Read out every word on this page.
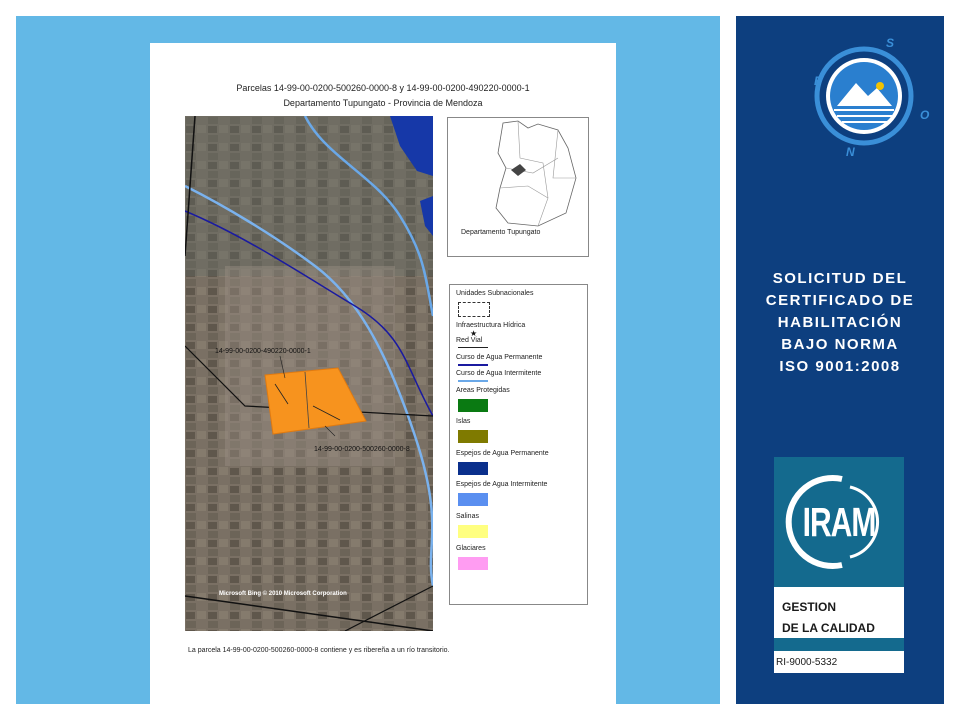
Parcelas 14-99-00-0200-500260-0000-8 y 14-99-00-0200-490220-0000-1
Departamento Tupungato - Provincia de Mendoza
14-99-00-0200-490220-0000-1
14-99-00-0200-500260-0000-8
Microsoft Bing © 2010 Microsoft Corporation
Departamento Tupungato
Unidades Subnacionales
Infraestructura Hídrica
★
Red Vial
Curso de Agua Permanente
Curso de Agua Intermitente
Areas Protegidas
Islas
Espejos de Agua Permanente
Espejos de Agua Intermitente
Salinas
Glaciares
La parcela 14-99-00-0200-500260-0000-8 contiene y es ribereña a un río transitorio.
S
E
O
N
SOLICITUD DEL
CERTIFICADO DE
HABILITACIÓN
BAJO NORMA
ISO 9001:2008
IRAM
GESTION
DE LA CALIDAD
RI-9000-5332
